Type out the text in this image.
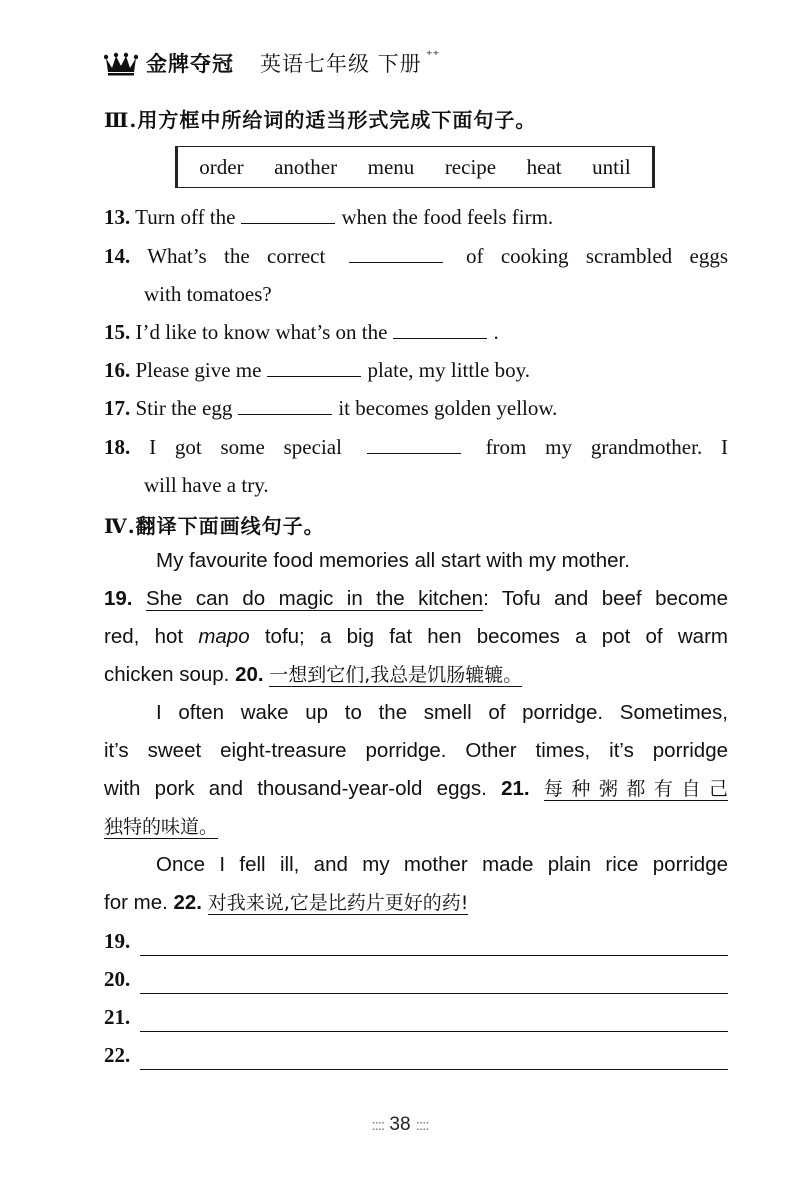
金牌夺冠 英语七年级 下册 ⁺⁺
Ⅲ.用方框中所给词的适当形式完成下面句子。
order another menu recipe heat until
13. Turn off the	when the food feels firm.
14. What’s the correct	of cooking scrambled eggs
with tomatoes?
15. I’d like to know what’s on the	.
16. Please give me	plate, my little boy.
17. Stir the egg	it becomes golden yellow.
18. I got some special	from my grandmother. I
will have a try.
Ⅳ.翻译下面画线句子。
My favourite food memories all start with my mother.
19. She can do magic in the kitchen: Tofu and beef become
red, hot mapo tofu; a big fat hen becomes a pot of warm
chicken soup. 20. 一想到它们,我总是饥肠辘辘。
I often wake up to the smell of porridge. Sometimes,
it’s sweet eight-treasure porridge. Other times, it’s porridge
with pork and thousand-year-old eggs. 21. 每种粥都有自己
独特的味道。
Once I fell ill, and my mother made plain rice porridge
for me. 22. 对我来说,它是比药片更好的药!
19.
20.
21.
22.
:::: 38 ::::
